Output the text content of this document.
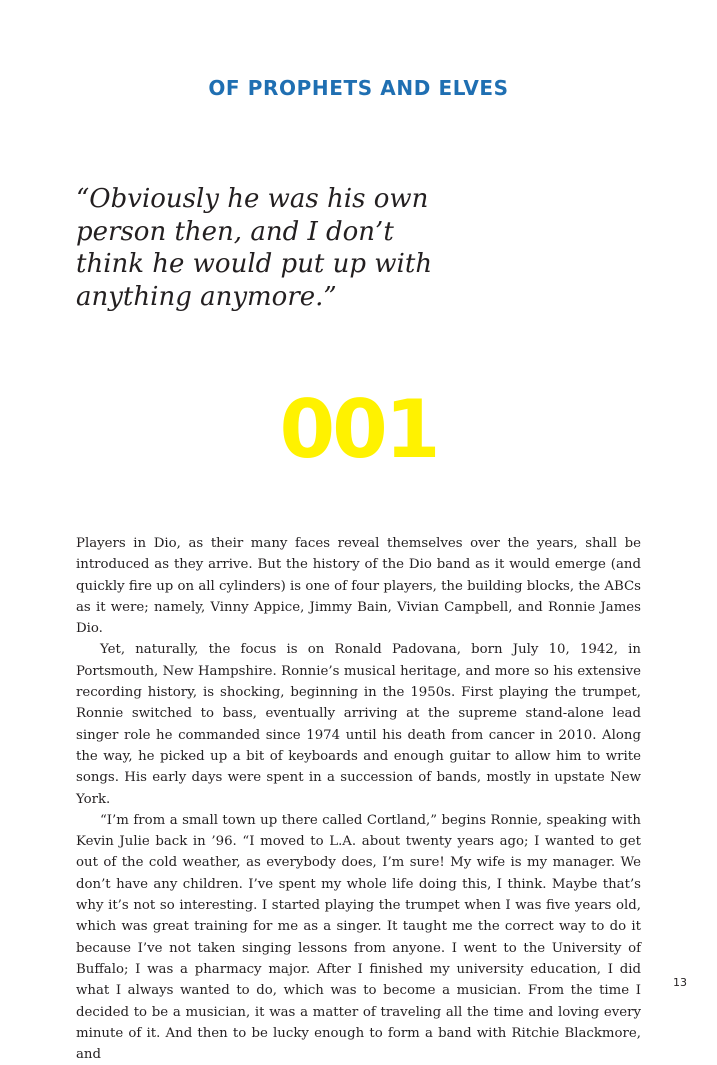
OF PROPHETS AND ELVES
“Obviously he was his own person then, and I don’t think he would put up with anything anymore.”
001

Players in Dio, as their many faces reveal themselves over the years, shall be introduced as they arrive. But the history of the Dio band as it would emerge (and quickly fire up on all cylinders) is one of four players, the building blocks, the ABCs as it were; namely, Vinny Appice, Jimmy Bain, Vivian Campbell, and Ronnie James Dio.

Yet, naturally, the focus is on Ronald Padovana, born July 10, 1942, in Portsmouth, New Hampshire. Ronnie’s musical heritage, and more so his extensive recording history, is shocking, beginning in the 1950s. First playing the trumpet, Ronnie switched to bass, eventually arriving at the supreme stand-alone lead singer role he commanded since 1974 until his death from cancer in 2010. Along the way, he picked up a bit of keyboards and enough guitar to allow him to write songs. His early days were spent in a succession of bands, mostly in upstate New York.

“I’m from a small town up there called Cortland,” begins Ronnie, speaking with Kevin Julie back in ’96. “I moved to L.A. about twenty years ago; I wanted to get out of the cold weather, as everybody does, I’m sure! My wife is my manager. We don’t have any children. I’ve spent my whole life doing this, I think. Maybe that’s why it’s not so interesting. I started playing the trumpet when I was five years old, which was great training for me as a singer. It taught me the correct way to do it because I’ve not taken singing lessons from anyone. I went to the University of Buffalo; I was a pharmacy major. After I finished my university education, I did what I always wanted to do, which was to become a musician. From the time I decided to be a musician, it was a matter of traveling all the time and loving every minute of it. And then to be lucky enough to form a band with Ritchie Blackmore, and

13
